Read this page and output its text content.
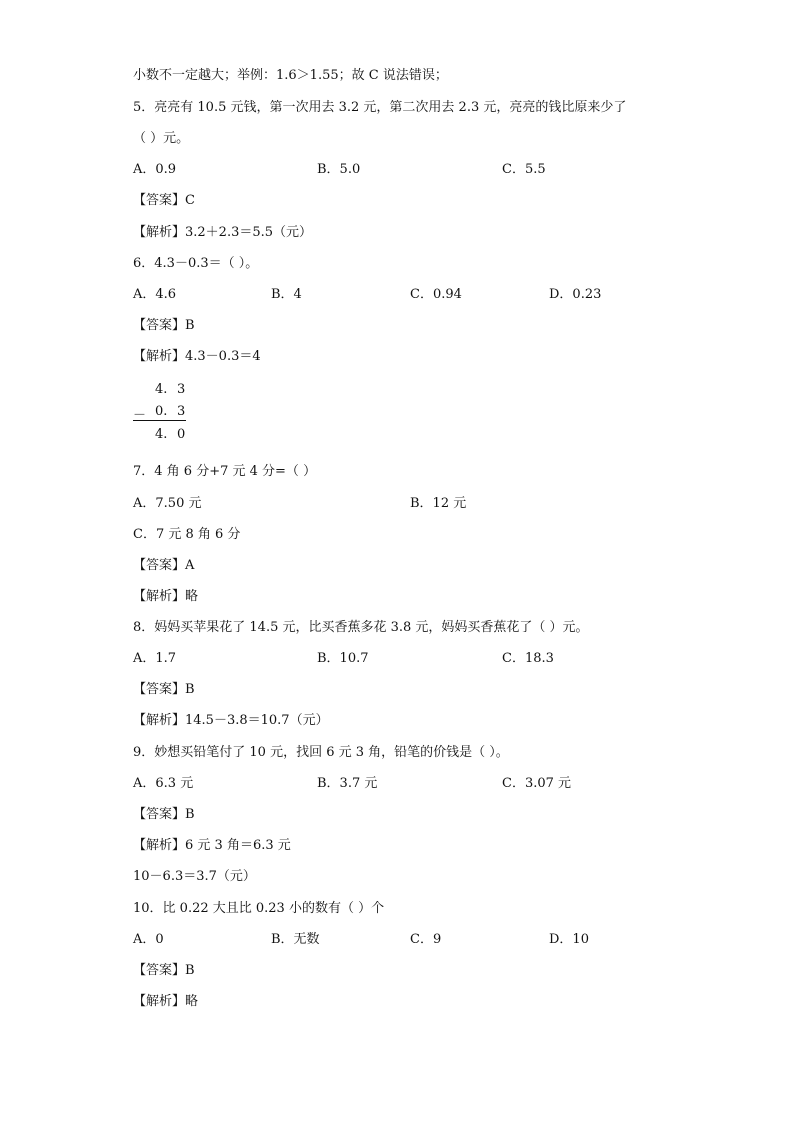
小数不一定越大；举例：1.6＞1.55；故 C 说法错误；
5．亮亮有 10.5 元钱，第一次用去 3.2 元，第二次用去 2.3 元，亮亮的钱比原来少了
（ ）元。
A．0.9	B．5.0	C．5.5
【答案】C
【解析】3.2＋2.3＝5.5（元）
6．4.3－0.3＝（ ）。
A．4.6	B．4	C．0.94	D．0.23
【答案】B
【解析】4.3－0.3＝4
4. 3
－ 0. 3
4. 0
7．4 角 6 分+7 元 4 分=（ ）
A．7.50 元	B．12 元
C．7 元 8 角 6 分
【答案】A
【解析】略
8．妈妈买苹果花了 14.5 元，比买香蕉多花 3.8 元，妈妈买香蕉花了（ ）元。
A．1.7	B．10.7	C．18.3
【答案】B
【解析】14.5－3.8＝10.7（元）
9．妙想买铅笔付了 10 元，找回 6 元 3 角，铅笔的价钱是（ ）。
A．6.3 元	B．3.7 元	C．3.07 元
【答案】B
【解析】6 元 3 角＝6.3 元
10－6.3＝3.7（元）
10．比 0.22 大且比 0.23 小的数有（ ）个
A．0	B．无数	C．9	D．10
【答案】B
【解析】略
